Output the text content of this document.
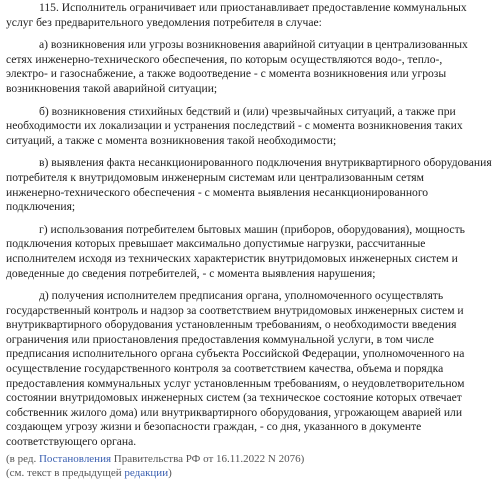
115. Исполнитель ограничивает или приостанавливает предоставление коммунальных
услуг без предварительного уведомления потребителя в случае:

а) возникновения или угрозы возникновения аварийной ситуации в централизованных
сетях инженерно-технического обеспечения, по которым осуществляются водо-, тепло-,
электро- и газоснабжение, а также водоотведение - с момента возникновения или угрозы
возникновения такой аварийной ситуации;

б) возникновения стихийных бедствий и (или) чрезвычайных ситуаций, а также при
необходимости их локализации и устранения последствий - с момента возникновения таких
ситуаций, а также с момента возникновения такой необходимости;

в) выявления факта несанкционированного подключения внутриквартирного оборудования
потребителя к внутридомовым инженерным системам или централизованным сетям
инженерно-технического обеспечения - с момента выявления несанкционированного
подключения;

г) использования потребителем бытовых машин (приборов, оборудования), мощность
подключения которых превышает максимально допустимые нагрузки, рассчитанные
исполнителем исходя из технических характеристик внутридомовых инженерных систем и
доведенные до сведения потребителей, - с момента выявления нарушения;

д) получения исполнителем предписания органа, уполномоченного осуществлять
государственный контроль и надзор за соответствием внутридомовых инженерных систем и
внутриквартирного оборудования установленным требованиям, о необходимости введения
ограничения или приостановления предоставления коммунальной услуги, в том числе
предписания исполнительного органа субъекта Российской Федерации, уполномоченного на
осуществление государственного контроля за соответствием качества, объема и порядка
предоставления коммунальных услуг установленным требованиям, о неудовлетворительном
состоянии внутридомовых инженерных систем (за техническое состояние которых отвечает
собственник жилого дома) или внутриквартирного оборудования, угрожающем аварией или
создающем угрозу жизни и безопасности граждан, - со дня, указанного в документе
соответствующего органа.

(в ред. Постановления Правительства РФ от 16.11.2022 N 2076)
(см. текст в предыдущей редакции)
